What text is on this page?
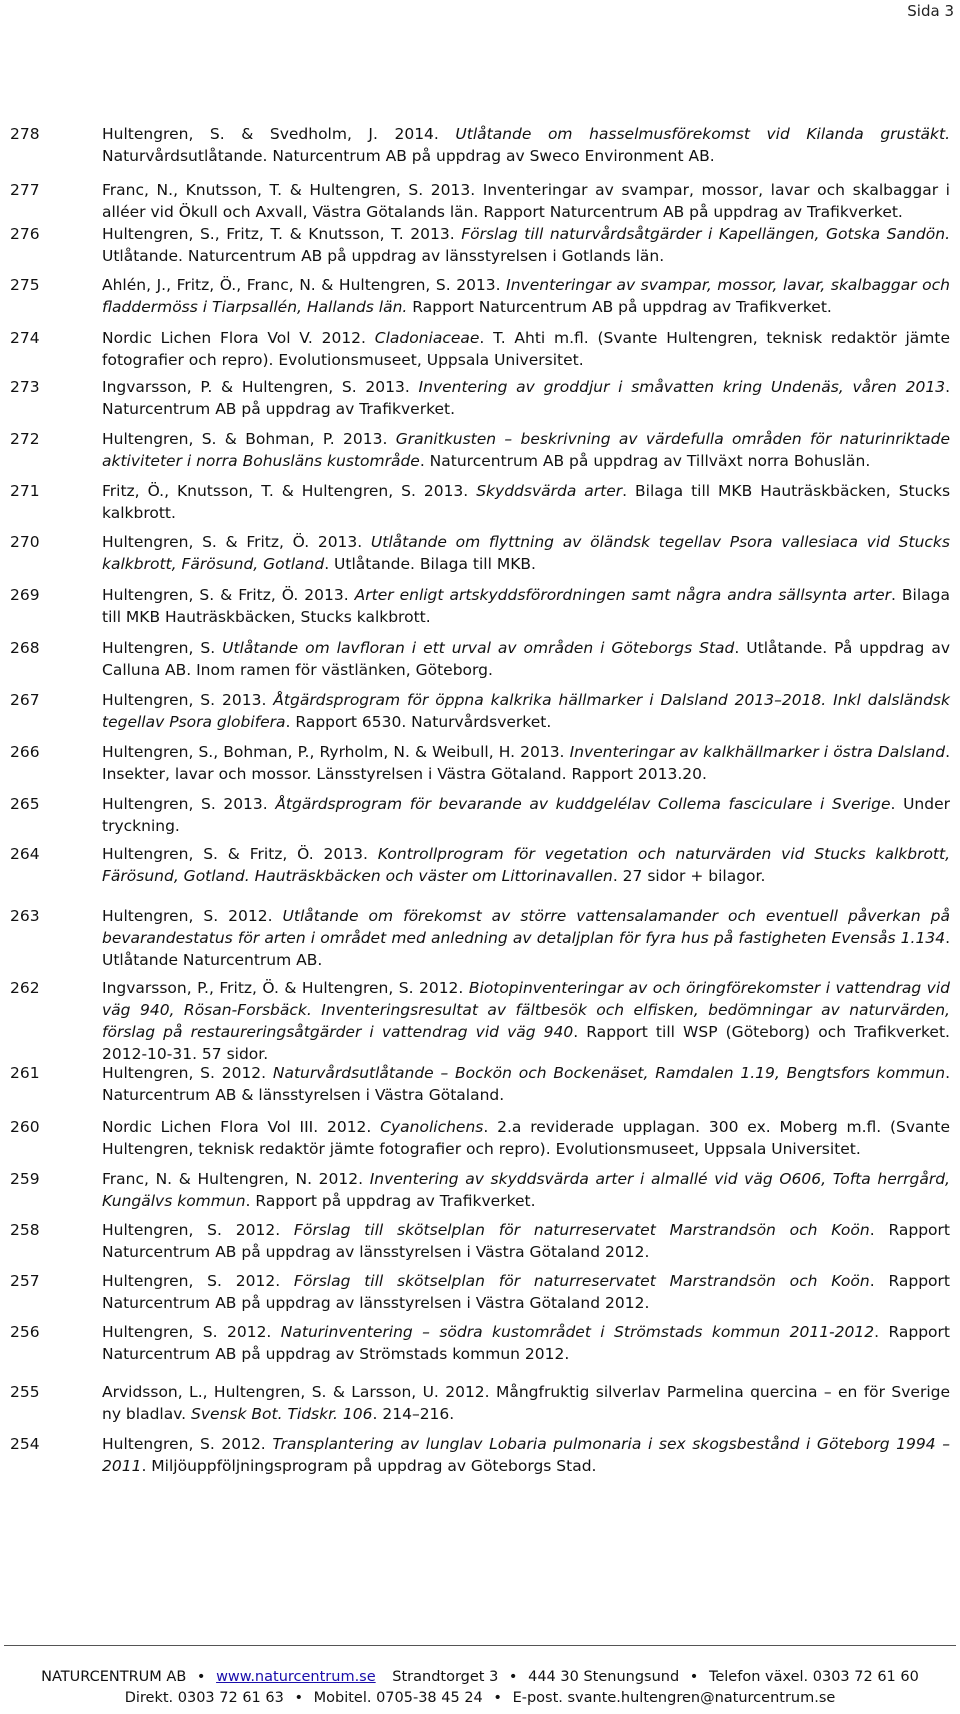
Sida 3
278	Hultengren, S. & Svedholm, J. 2014. Utlåtande om hasselmusförekomst vid Kilanda grustäkt. Naturvårdsutlåtande. Naturcentrum AB på uppdrag av Sweco Environment AB.
277	Franc, N., Knutsson, T. & Hultengren, S. 2013. Inventeringar av svampar, mossor, lavar och skalbaggar i alléer vid Ökull och Axvall, Västra Götalands län. Rapport Naturcentrum AB på uppdrag av Trafikverket.
276	Hultengren, S., Fritz, T. & Knutsson, T. 2013. Förslag till naturvårdsåtgärder i Kapellängen, Gotska Sandön. Utlåtande. Naturcentrum AB på uppdrag av länsstyrelsen i Gotlands län.
275	Ahlén, J., Fritz, Ö., Franc, N. & Hultengren, S. 2013. Inventeringar av svampar, mossor, lavar, skalbaggar och fladdermöss i Tiarpsallén, Hallands län. Rapport Naturcentrum AB på uppdrag av Trafikverket.
274	Nordic Lichen Flora Vol V. 2012. Cladoniaceae. T. Ahti m.fl. (Svante Hultengren, teknisk redaktör jämte fotografier och repro). Evolutionsmuseet, Uppsala Universitet.
273	Ingvarsson, P. & Hultengren, S. 2013. Inventering av groddjur i småvatten kring Undenäs, våren 2013. Naturcentrum AB på uppdrag av Trafikverket.
272	Hultengren, S. & Bohman, P. 2013. Granitkusten – beskrivning av värdefulla områden för naturinriktade aktiviteter i norra Bohusläns kustområde. Naturcentrum AB på uppdrag av Tillväxt norra Bohuslän.
271	Fritz, Ö., Knutsson, T. & Hultengren, S. 2013. Skyddsvärda arter. Bilaga till MKB Hauträskbäcken, Stucks kalkbrott.
270	Hultengren, S. & Fritz, Ö. 2013. Utlåtande om flyttning av öländsk tegellav Psora vallesiaca vid Stucks kalkbrott, Färösund, Gotland. Utlåtande. Bilaga till MKB.
269	Hultengren, S. & Fritz, Ö. 2013. Arter enligt artskyddsförordningen samt några andra sällsynta arter. Bilaga till MKB Hauträskbäcken, Stucks kalkbrott.
268	Hultengren, S. Utlåtande om lavfloran i ett urval av områden i Göteborgs Stad. Utlåtande. På uppdrag av Calluna AB. Inom ramen för västlänken, Göteborg.
267	Hultengren, S. 2013. Åtgärdsprogram för öppna kalkrika hällmarker i Dalsland 2013–2018. Inkl dalsländsk tegellav Psora globifera. Rapport 6530. Naturvårdsverket.
266	Hultengren, S., Bohman, P., Ryrholm, N. & Weibull, H. 2013. Inventeringar av kalkhällmarker i östra Dalsland. Insekter, lavar och mossor. Länsstyrelsen i Västra Götaland. Rapport 2013.20.
265	Hultengren, S. 2013. Åtgärdsprogram för bevarande av kuddgelélav Collema fasciculare i Sverige. Under tryckning.
264	Hultengren, S. & Fritz, Ö. 2013. Kontrollprogram för vegetation och naturvärden vid Stucks kalkbrott, Färösund, Gotland. Hauträskbäcken och väster om Littorinavallen. 27 sidor + bilagor.
263	Hultengren, S. 2012. Utlåtande om förekomst av större vattensalamander och eventuell påverkan på bevarandestatus för arten i området med anledning av detaljplan för fyra hus på fastigheten Evensås 1.134. Utlåtande Naturcentrum AB.
262	Ingvarsson, P., Fritz, Ö. & Hultengren, S. 2012. Biotopinventeringar av och öringförekomster i vattendrag vid väg 940, Rösan-Forsbäck. Inventeringsresultat av fältbesök och elfisken, bedömningar av naturvärden, förslag på restaureringsåtgärder i vattendrag vid väg 940. Rapport till WSP (Göteborg) och Trafikverket. 2012-10-31. 57 sidor.
261	Hultengren, S. 2012. Naturvårdsutlåtande – Bockön och Bockenäset, Ramdalen 1.19, Bengtsfors kommun. Naturcentrum AB & länsstyrelsen i Västra Götaland.
260	Nordic Lichen Flora Vol III. 2012. Cyanolichens. 2.a reviderade upplagan. 300 ex. Moberg m.fl. (Svante Hultengren, teknisk redaktör jämte fotografier och repro). Evolutionsmuseet, Uppsala Universitet.
259	Franc, N. & Hultengren, N. 2012. Inventering av skyddsvärda arter i almallé vid väg O606, Tofta herrgård, Kungälvs kommun. Rapport på uppdrag av Trafikverket.
258	Hultengren, S. 2012. Förslag till skötselplan för naturreservatet Marstrandsön och Koön. Rapport Naturcentrum AB på uppdrag av länsstyrelsen i Västra Götaland 2012.
257	Hultengren, S. 2012. Förslag till skötselplan för naturreservatet Marstrandsön och Koön. Rapport Naturcentrum AB på uppdrag av länsstyrelsen i Västra Götaland 2012.
256	Hultengren, S. 2012. Naturinventering – södra kustområdet i Strömstads kommun 2011-2012. Rapport Naturcentrum AB på uppdrag av Strömstads kommun 2012.
255	Arvidsson, L., Hultengren, S. & Larsson, U. 2012. Mångfruktig silverlav Parmelina quercina – en för Sverige ny bladlav. Svensk Bot. Tidskr. 106. 214–216.
254	Hultengren, S. 2012. Transplantering av lunglav Lobaria pulmonaria i sex skogsbestånd i Göteborg 1994 – 2011. Miljöuppföljningsprogram på uppdrag av Göteborgs Stad.
NATURCENTRUM AB • www.naturcentrum.se Strandtorget 3 • 444 30 Stenungsund • Telefon växel. 0303 72 61 60
Direkt. 0303 72 61 63 • Mobitel. 0705-38 45 24 • E-post. svante.hultengren@naturcentrum.se
